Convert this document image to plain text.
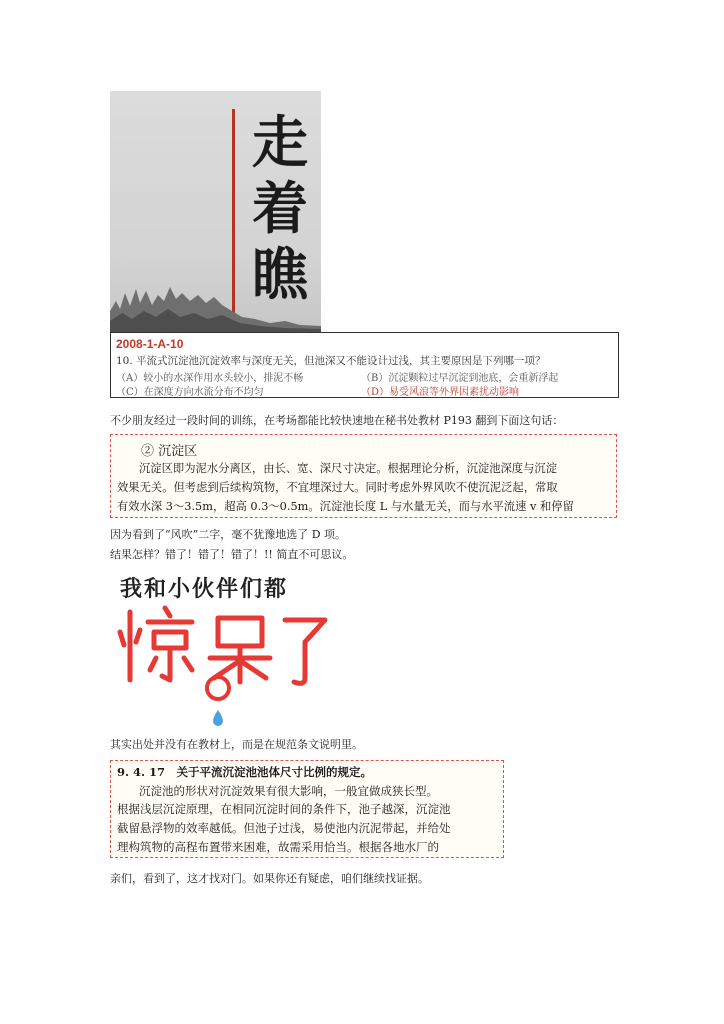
走
着
瞧
2008-1-A-10
10. 平流式沉淀池沉淀效率与深度无关，但池深又不能设计过浅，其主要原因是下列哪一项？
（A）较小的水深作用水头较小，排泥不畅	（B）沉淀颗粒过早沉淀到池底，会重新浮起
（C）在深度方向水流分布不均匀	（D）易受风浪等外界因素扰动影响
不少朋友经过一段时间的训练，在考场都能比较快速地在秘书处教材 P193 翻到下面这句话：
② 沉淀区
沉淀区即为泥水分离区，由长、宽、深尺寸决定。根据理论分析，沉淀池深度与沉淀
效果无关。但考虑到后续构筑物，不宜埋深过大。同时考虑外界风吹不使沉泥泛起，常取
有效水深 3～3.5m，超高 0.3～0.5m。沉淀池长度 L 与水量无关，而与水平流速 v 和停留
因为看到了“风吹”二字，毫不犹豫地选了 D 项。
结果怎样？错了！错了！错了！!! 简直不可思议。
我和小伙伴们都
其实出处并没有在教材上，而是在规范条文说明里。
9. 4. 17　关于平流沉淀池池体尺寸比例的规定。
沉淀池的形状对沉淀效果有很大影响，一般宜做成狭长型。
根据浅层沉淀原理，在相同沉淀时间的条件下，池子越深，沉淀池
截留悬浮物的效率越低。但池子过浅，易使池内沉泥带起，并给处
理构筑物的高程布置带来困难，故需采用恰当。根据各地水厂的
亲们，看到了，这才找对门。如果你还有疑虑，咱们继续找证据。
